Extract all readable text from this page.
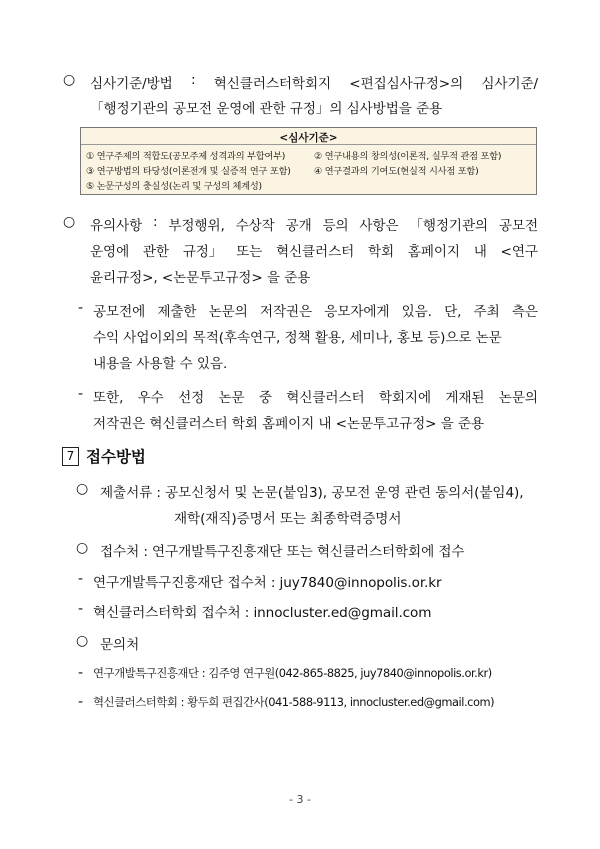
○ 심사기준/방법 : 혁신클러스터학회지 <편집심사규정>의 심사기준/
「행정기관의 공모전 운영에 관한 규정」의 심사방법을 준용
<심사기준>
① 연구주제의 적합도(공모주제 성격과의 부합여부)	② 연구내용의 창의성(이론적, 실무적 관점 포함)
③ 연구방법의 타당성(이론전개 및 실증적 연구 포함)	④ 연구결과의 기여도(현실적 시사점 포함)
⑤ 논문구성의 충실성(논리 및 구성의 체계성)
○ 유의사항 : 부정행위, 수상작 공개 등의 사항은 「행정기관의 공모전
운영에 관한 규정」 또는 혁신클러스터 학회 홈페이지 내 <연구
윤리규정>, <논문투고규정> 을 준용
- 공모전에 제출한 논문의 저작권은 응모자에게 있음. 단, 주최 측은
수익 사업이외의 목적(후속연구, 정책 활용, 세미나, 홍보 등)으로 논문
내용을 사용할 수 있음.
- 또한, 우수 선정 논문 중 혁신클러스터 학회지에 게재된 논문의
저작권은 혁신클러스터 학회 홈페이지 내 <논문투고규정> 을 준용
7 접수방법
○ 제출서류 : 공모신청서 및 논문(붙임3), 공모전 운영 관련 동의서(붙임4),
재학(재직)증명서 또는 최종학력증명서
○ 접수처 : 연구개발특구진흥재단 또는 혁신클러스터학회에 접수
- 연구개발특구진흥재단 접수처 : juy7840@innopolis.or.kr
- 혁신클러스터학회 접수처 : innocluster.ed@gmail.com
○ 문의처
- 연구개발특구진흥재단 : 김주영 연구원(042-865-8825, juy7840@innopolis.or.kr)
- 혁신클러스터학회 : 황두희 편집간사(041-588-9113, innocluster.ed@gmail.com)
- 3 -
